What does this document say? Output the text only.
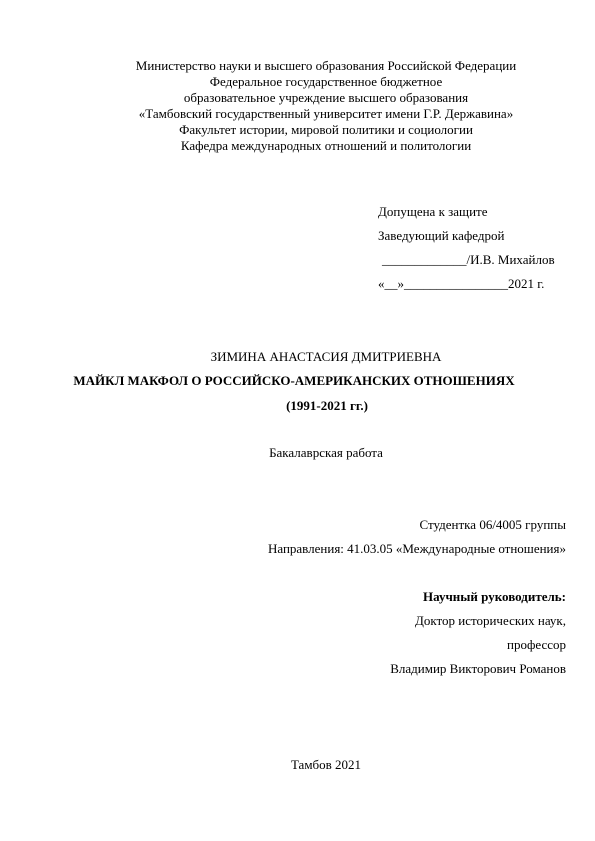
Министерство науки и высшего образования Российской Федерации
Федеральное государственное бюджетное
образовательное учреждение высшего образования
«Тамбовский государственный университет имени Г.Р. Державина»
Факультет истории, мировой политики и социологии
Кафедра международных отношений и политологии
Допущена к защите
Заведующий кафедрой
_____________/И.В. Михайлов
«__»________________2021 г.
ЗИМИНА АНАСТАСИЯ ДМИТРИЕВНА
МАЙКЛ МАКФОЛ О РОССИЙСКО-АМЕРИКАНСКИХ ОТНОШЕНИЯХ
(1991-2021 гг.)
Бакалаврская работа
Студентка 06/4005 группы
Направления: 41.03.05 «Международные отношения»
Научный руководитель:
Доктор исторических наук,
профессор
Владимир Викторович Романов
Тамбов 2021
